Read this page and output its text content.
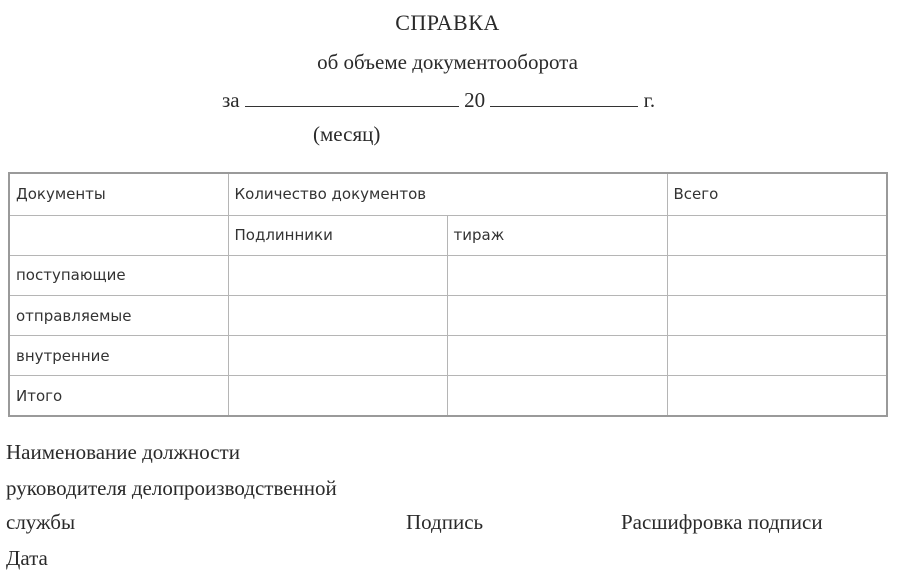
СПРАВКА
об объеме документооборота
за	20	г.
(месяц)
Документы	Количество документов		Всего
	Подлинники	тираж	
поступающие			
отправляемые			
внутренние			
Итого			
Наименование должности
руководителя делопроизводственной
службы	Подпись	Расшифровка подписи
Дата
